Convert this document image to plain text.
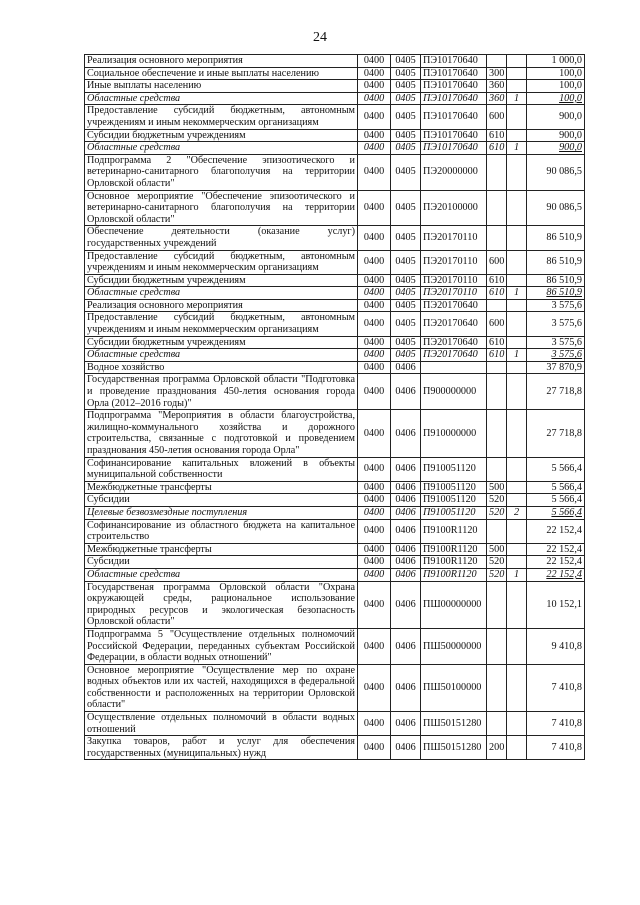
24
Реализация основного мероприятия	0400	0405	ПЭ10170640			1 000,0
Социальное обеспечение и иные выплаты населению	0400	0405	ПЭ10170640	300		100,0
Иные выплаты населению	0400	0405	ПЭ10170640	360		100,0
Областные средства	0400	0405	ПЭ10170640	360	1	100,0
Предоставление субсидий бюджетным, автономным учреждениям и иным некоммерческим организациям	0400	0405	ПЭ10170640	600		900,0
Субсидии бюджетным учреждениям	0400	0405	ПЭ10170640	610		900,0
Областные средства	0400	0405	ПЭ10170640	610	1	900,0
Подпрограмма 2 "Обеспечение эпизоотического и ветеринарно-санитарного благополучия на территории Орловской области"	0400	0405	ПЭ20000000			90 086,5
Основное мероприятие "Обеспечение эпизоотического и ветеринарно-санитарного благополучия на территории Орловской области"	0400	0405	ПЭ20100000			90 086,5
Обеспечение деятельности (оказание услуг) государственных учреждений	0400	0405	ПЭ20170110			86 510,9
Предоставление субсидий бюджетным, автономным учреждениям и иным некоммерческим организациям	0400	0405	ПЭ20170110	600		86 510,9
Субсидии бюджетным учреждениям	0400	0405	ПЭ20170110	610		86 510,9
Областные средства	0400	0405	ПЭ20170110	610	1	86 510,9
Реализация основного мероприятия	0400	0405	ПЭ20170640			3 575,6
Предоставление субсидий бюджетным, автономным учреждениям и иным некоммерческим организациям	0400	0405	ПЭ20170640	600		3 575,6
Субсидии бюджетным учреждениям	0400	0405	ПЭ20170640	610		3 575,6
Областные средства	0400	0405	ПЭ20170640	610	1	3 575,6
Водное хозяйство	0400	0406				37 870,9
Государственная программа Орловской области "Подготовка и проведение празднования 450-летия основания города Орла (2012–2016 годы)"	0400	0406	П900000000			27 718,8
Подпрограмма "Мероприятия в области благоустройства, жилищно-коммунального хозяйства и дорожного строительства, связанные с подготовкой и проведением празднования 450-летия основания города Орла"	0400	0406	П910000000			27 718,8
Софинансирование капитальных вложений в объекты муниципальной собственности	0400	0406	П910051120			5 566,4
Межбюджетные трансферты	0400	0406	П910051120	500		5 566,4
Субсидии	0400	0406	П910051120	520		5 566,4
Целевые безвозмездные поступления	0400	0406	П910051120	520	2	5 566,4
Софинансирование из областного бюджета на капитальное строительство	0400	0406	П9100R1120			22 152,4
Межбюджетные трансферты	0400	0406	П9100R1120	500		22 152,4
Субсидии	0400	0406	П9100R1120	520		22 152,4
Областные средства	0400	0406	П9100R1120	520	1	22 152,4
Государственая программа Орловской области "Охрана окружающей среды, рациональное использование природных ресурсов и экологическая безопасность Орловской области"	0400	0406	ПШ00000000			10 152,1
Подпрограмма 5 "Осуществление отдельных полномочий Российской Федерации, переданных субъектам Российской Федерации, в области водных отношений"	0400	0406	ПШ50000000			9 410,8
Основное мероприятие "Осуществление мер по охране водных объектов или их частей, находящихся в федеральной собственности и расположенных на территории Орловской области"	0400	0406	ПШ50100000			7 410,8
Осуществление отдельных полномочий в области водных отношений	0400	0406	ПШ50151280			7 410,8
Закупка товаров, работ и услуг для обеспечения государственных (муниципальных) нужд	0400	0406	ПШ50151280	200		7 410,8
